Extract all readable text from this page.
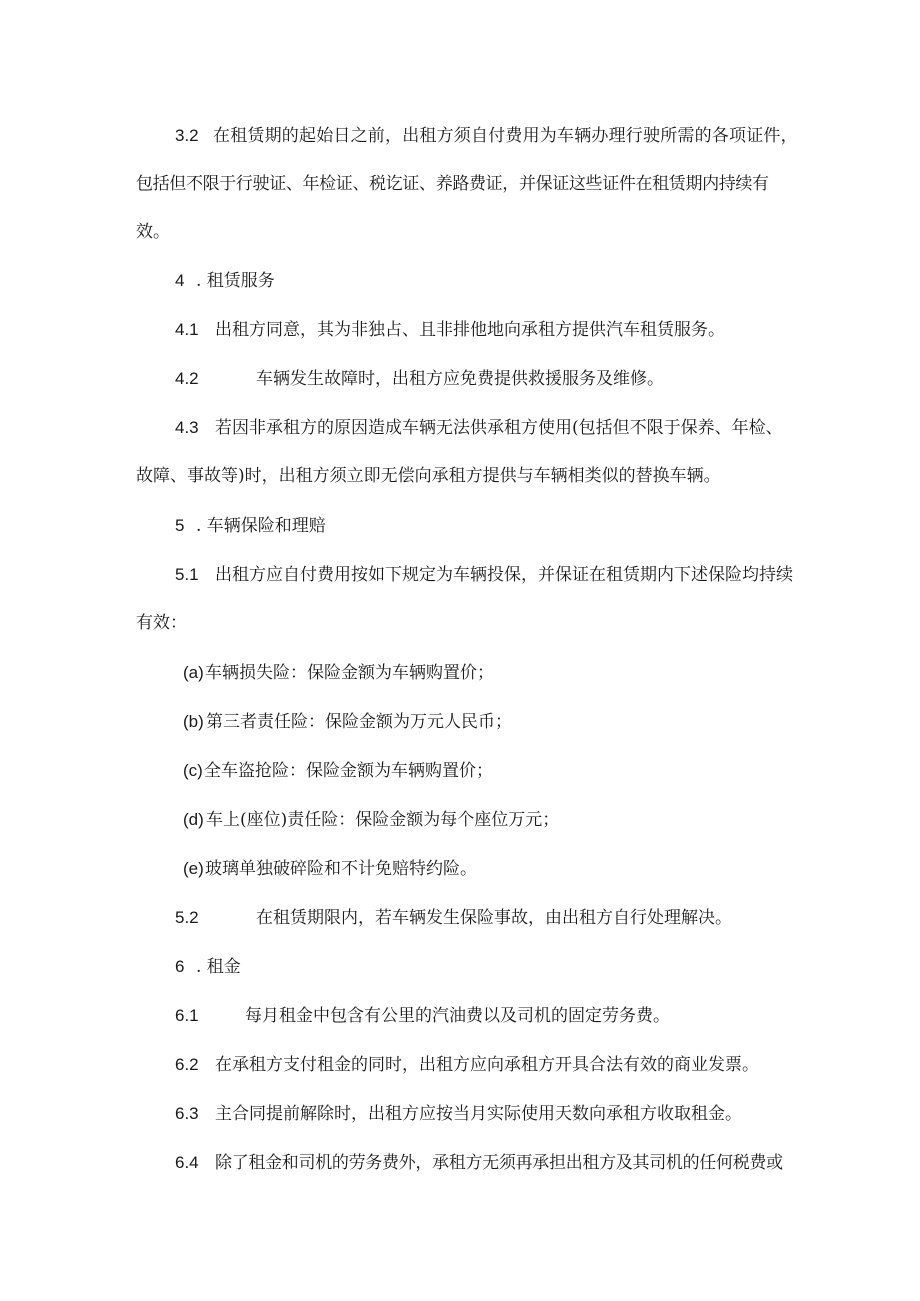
3.2 在租赁期的起始日之前，出租方须自付费用为车辆办理行驶所需的各项证件，
包括但不限于行驶证、年检证、税讫证、养路费证，并保证这些证件在租赁期内持续有
效。
4 . 租赁服务
4.1 出租方同意，其为非独占、且非排他地向承租方提供汽车租赁服务。
4.2	车辆发生故障时，出租方应免费提供救援服务及维修。
4.3 若因非承租方的原因造成车辆无法供承租方使用(包括但不限于保养、年检、
故障、事故等)时，出租方须立即无偿向承租方提供与车辆相类似的替换车辆。
5 . 车辆保险和理赔
5.1 出租方应自付费用按如下规定为车辆投保，并保证在租赁期内下述保险均持续
有效：
(a) 车辆损失险：保险金额为车辆购置价；
(b) 第三者责任险：保险金额为万元人民币；
(c) 全车盗抢险：保险金额为车辆购置价；
(d) 车上(座位)责任险：保险金额为每个座位万元；
(e) 玻璃单独破碎险和不计免赔特约险。
5.2	在租赁期限内，若车辆发生保险事故，由出租方自行处理解决。
6 . 租金
6.1	每月租金中包含有公里的汽油费以及司机的固定劳务费。
6.2 在承租方支付租金的同时，出租方应向承租方开具合法有效的商业发票。
6.3 主合同提前解除时，出租方应按当月实际使用天数向承租方收取租金。
6.4 除了租金和司机的劳务费外，承租方无须再承担出租方及其司机的任何税费或
